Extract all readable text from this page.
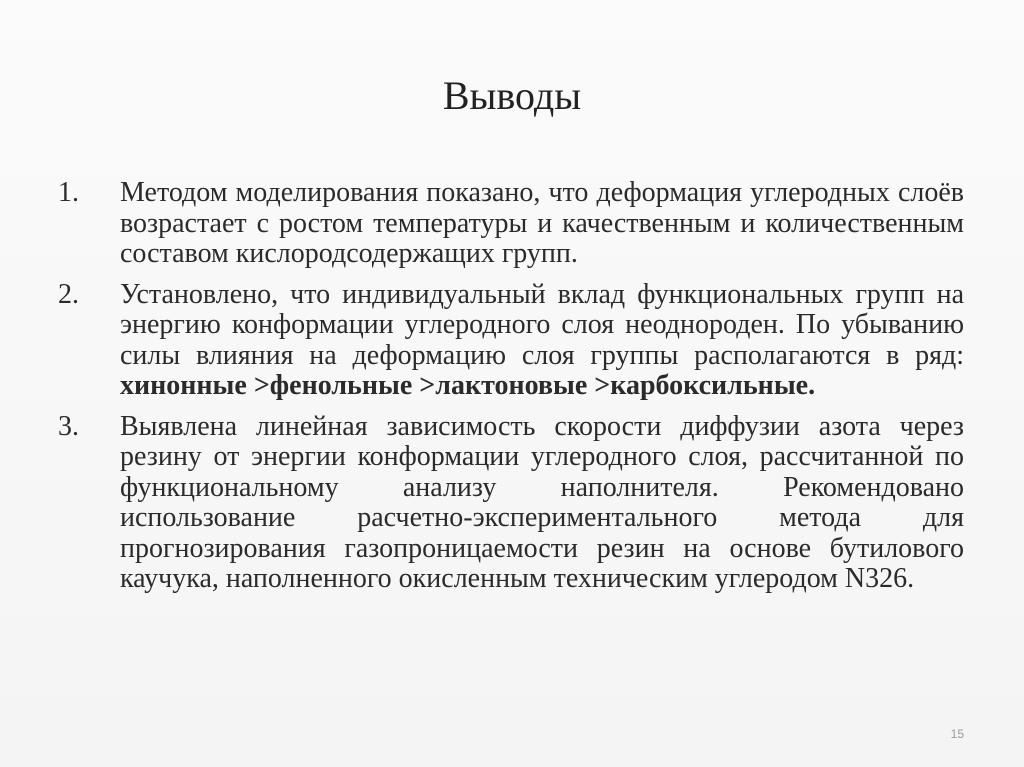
Выводы
1. Методом моделирования показано, что деформация углеродных слоёв возрастает с ростом температуры и качественным и количественным составом кислородсодержащих групп.
2. Установлено, что индивидуальный вклад функциональных групп на энергию конформации углеродного слоя неоднороден. По убыванию силы влияния на деформацию слоя группы располагаются в ряд: хинонные >фенольные >лактоновые >карбоксильные.
3. Выявлена линейная зависимость скорости диффузии азота через резину от энергии конформации углеродного слоя, рассчитанной по функциональному анализу наполнителя. Рекомендовано использование расчетно-экспериментального метода для прогнозирования газопроницаемости резин на основе бутилового каучука, наполненного окисленным техническим углеродом N326.
15
